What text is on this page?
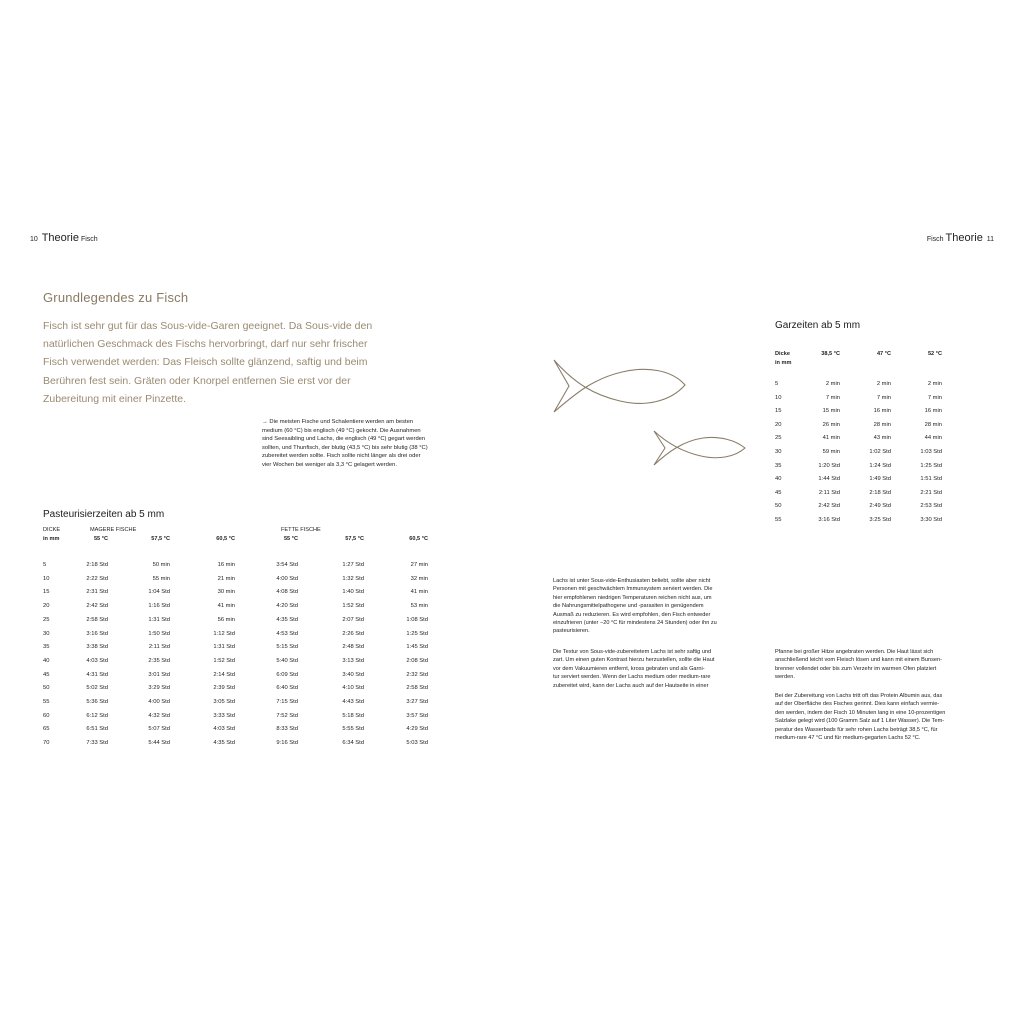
10 Theorie Fisch
Grundlegendes zu Fisch
Fisch ist sehr gut für das Sous-vide-Garen geeignet. Da Sous-vide den
natürlichen Geschmack des Fischs hervorbringt, darf nur sehr frischer
Fisch verwendet werden: Das Fleisch sollte glänzend, saftig und beim
Berühren fest sein. Gräten oder Knorpel entfernen Sie erst vor der
Zubereitung mit einer Pinzette.
→ Die meisten Fische und Schalentiere werden am besten
medium (60 °C) bis englisch (49 °C) gekocht. Die Ausnahmen
sind Seesaibling und Lachs, die englisch (49 °C) gegart werden
sollten, und Thunfisch, der blutig (43,5 °C) bis sehr blutig (38 °C)
zubereitet werden sollte. Fisch sollte nicht länger als drei oder
vier Wochen bei weniger als 3,3 °C gelagert werden.
Pasteurisierzeiten ab 5 mm
DICKE
in mm
MAGERE FISCHE	FETTE FISCHE
55 °C	57,5 °C	60,5 °C	55 °C	57,5 °C	60,5 °C
5	2:18 Std	50 min	16 min	3:54 Std	1:27 Std	27 min
10	2:22 Std	55 min	21 min	4:00 Std	1:32 Std	32 min
15	2:31 Std	1:04 Std	30 min	4:08 Std	1:40 Std	41 min
20	2:42 Std	1:16 Std	41 min	4:20 Std	1:52 Std	53 min
25	2:58 Std	1:31 Std	56 min	4:35 Std	2:07 Std	1:08 Std
30	3:16 Std	1:50 Std	1:12 Std	4:53 Std	2:26 Std	1:25 Std
35	3:38 Std	2:11 Std	1:31 Std	5:15 Std	2:48 Std	1:45 Std
40	4:03 Std	2:35 Std	1:52 Std	5:40 Std	3:13 Std	2:08 Std
45	4:31 Std	3:01 Std	2:14 Std	6:09 Std	3:40 Std	2:32 Std
50	5:02 Std	3:29 Std	2:39 Std	6:40 Std	4:10 Std	2:58 Std
55	5:36 Std	4:00 Std	3:05 Std	7:15 Std	4:43 Std	3:27 Std
60	6:12 Std	4:32 Std	3:33 Std	7:52 Std	5:18 Std	3:57 Std
65	6:51 Std	5:07 Std	4:03 Std	8:33 Std	5:55 Std	4:29 Std
70	7:33 Std	5:44 Std	4:35 Std	9:16 Std	6:34 Std	5:03 Std
Fisch Theorie 11
Garzeiten ab 5 mm
Dicke
in mm
38,5 °C	47 °C	52 °C
5	2 min	2 min	2 min
10	7 min	7 min	7 min
15	15 min	16 min	16 min
20	26 min	28 min	28 min
25	41 min	43 min	44 min
30	59 min	1:02 Std	1:03 Std
35	1:20 Std	1:24 Std	1:25 Std
40	1:44 Std	1:49 Std	1:51 Std
45	2:11 Std	2:18 Std	2:21 Std
50	2:42 Std	2:49 Std	2:53 Std
55	3:16 Std	3:25 Std	3:30 Std
Lachs ist unter Sous-vide-Enthusiasten beliebt, sollte aber nicht
Personen mit geschwächtem Immunsystem serviert werden. Die
hier empfohlenen niedrigen Temperaturen reichen nicht aus, um
die Nahrungsmittelpathogene und -parasiten in genügendem
Ausmaß zu reduzieren. Es wird empfohlen, den Fisch entweder
einzufrieren (unter −20 °C für mindestens 24 Stunden) oder ihn zu
pasteurisieren.
Die Textur von Sous-vide-zubereitetem Lachs ist sehr saftig und
zart. Um einen guten Kontrast hierzu herzustellen, sollte die Haut
vor dem Vakuumieren entfernt, kross gebraten und als Garni-
tur serviert werden. Wenn der Lachs medium oder medium-rare
zubereitet wird, kann der Lachs auch auf der Hautseite in einer
Pfanne bei großer Hitze angebraten werden. Die Haut lässt sich
anschließend leicht vom Fleisch lösen und kann mit einem Bunsen-
brenner vollendet oder bis zum Verzehr im warmen Ofen platziert
werden.
Bei der Zubereitung von Lachs tritt oft das Protein Albumin aus, das
auf der Oberfläche des Fisches gerinnt. Dies kann einfach vermie-
den werden, indem der Fisch 10 Minuten lang in eine 10-prozentigen
Salzlake gelegt wird (100 Gramm Salz auf 1 Liter Wasser). Die Tem-
peratur des Wasserbads für sehr rohen Lachs beträgt 38,5 °C, für
medium-rare 47 °C und für medium-gegarten Lachs 52 °C.
